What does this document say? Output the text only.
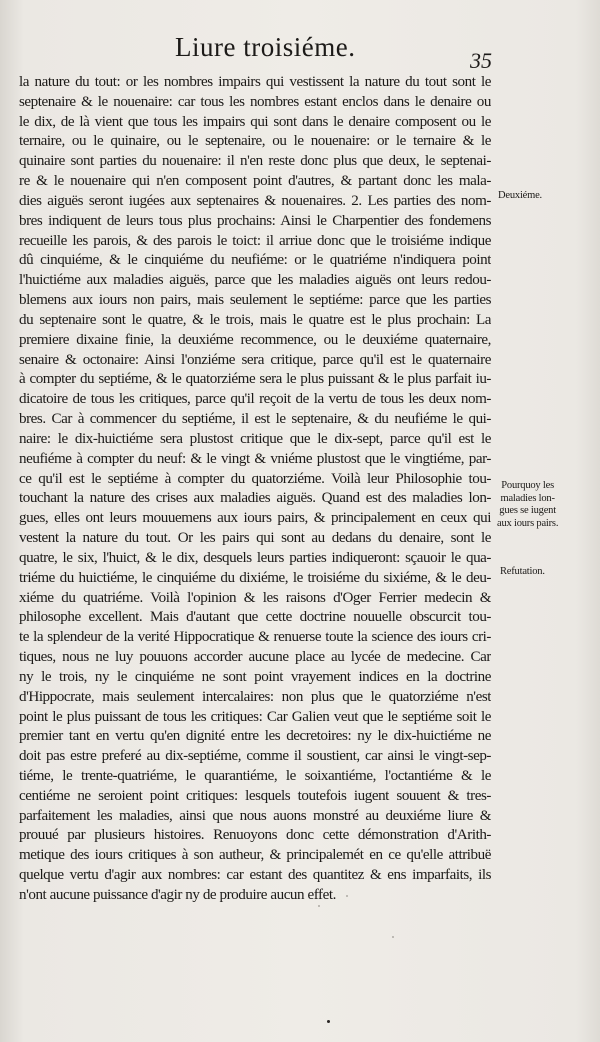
Liure troisiéme.	35
la nature du tout: or les nombres impairs qui vestissent la nature du tout sont le
septenaire & le nouenaire: car tous les nombres estant enclos dans le denaire ou
le dix, de là vient que tous les impairs qui sont dans le denaire composent ou le
ternaire, ou le quinaire, ou le septenaire, ou le nouenaire: or le ternaire & le
quinaire sont parties du nouenaire: il n'en reste donc plus que deux, le septenai-
re & le nouenaire qui n'en composent point d'autres, & partant donc les mala-
dies aiguës seront iugées aux septenaires & nouenaires. 2. Les parties des nom-
bres indiquent de leurs tous plus prochains: Ainsi le Charpentier des fondemens
recueille les parois, & des parois le toict: il arriue donc que le troisiéme indique
dû cinquiéme, & le cinquiéme du neufiéme: or le quatriéme n'indiquera point
l'huictiéme aux maladies aiguës, parce que les maladies aiguës ont leurs redou-
blemens aux iours non pairs, mais seulement le septiéme: parce que les parties
du septenaire sont le quatre, & le trois, mais le quatre est le plus prochain: La
premiere dixaine finie, la deuxiéme recommence, ou le deuxiéme quaternaire,
senaire & octonaire: Ainsi l'onziéme sera critique, parce qu'il est le quaternaire
à compter du septiéme, & le quatorziéme sera le plus puissant & le plus parfait iu-
dicatoire de tous les critiques, parce qu'il reçoit de la vertu de tous les deux nom-
bres. Car à commencer du septiéme, il est le septenaire, & du neufiéme le qui-
naire: le dix-huictiéme sera plustost critique que le dix-sept, parce qu'il est le
neufiéme à compter du neuf: & le vingt & vniéme plustost que le vingtiéme, par-
ce qu'il est le septiéme à compter du quatorziéme. Voilà leur Philosophie tou-
touchant la nature des crises aux maladies aiguës. Quand est des maladies lon-
gues, elles ont leurs mouuemens aux iours pairs, & principalement en ceux qui
vestent la nature du tout. Or les pairs qui sont au dedans du denaire, sont le
quatre, le six, l'huict, & le dix, desquels leurs parties indiqueront: sçauoir le qua-
triéme du huictiéme, le cinquiéme du dixiéme, le troisiéme du sixiéme, & le deu-
xiéme du quatriéme. Voilà l'opinion & les raisons d'Oger Ferrier medecin &
philosophe excellent. Mais d'autant que cette doctrine nouuelle obscurcit tou-
te la splendeur de la verité Hippocratique & renuerse toute la science des iours cri-
tiques, nous ne luy pouuons accorder aucune place au lycée de medecine. Car
ny le trois, ny le cinquiéme ne sont point vrayement indices en la doctrine
d'Hippocrate, mais seulement intercalaires: non plus que le quatorziéme n'est
point le plus puissant de tous les critiques: Car Galien veut que le septiéme soit le
premier tant en vertu qu'en dignité entre les decretoires: ny le dix-huictiéme ne
doit pas estre preferé au dix-septiéme, comme il soustient, car ainsi le vingt-sep-
tiéme, le trente-quatriéme, le quarantiéme, le soixantiéme, l'octantiéme & le
centiéme ne seroient point critiques: lesquels toutefois iugent souuent & tres-
parfaitement les maladies, ainsi que nous auons monstré au deuxiéme liure &
prouué par plusieurs histoires. Renuoyons donc cette démonstration d'Arith-
metique des iours critiques à son autheur, & principalemét en ce qu'elle attribuë
quelque vertu d'agir aux nombres: car estant des quantitez & ens imparfaits, ils
n'ont aucune puissance d'agir ny de produire aucun effet.
Deuxiéme.
Pourquoy les
maladies lon-
gues se iugent
aux iours pairs.
Refutation.
